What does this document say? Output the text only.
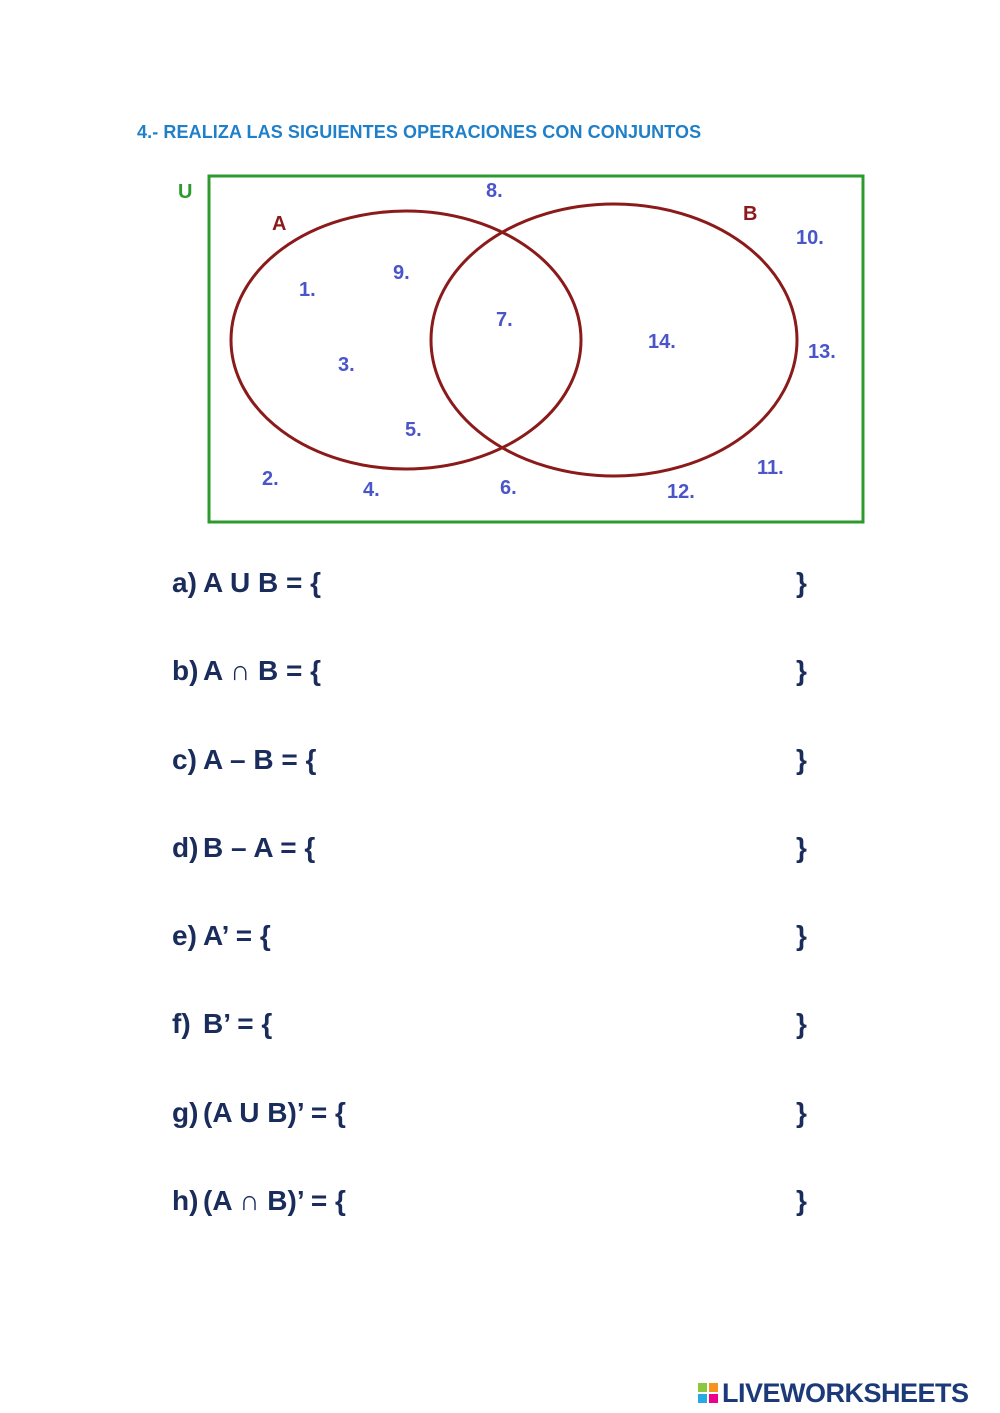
4.- REALIZA LAS SIGUIENTES OPERACIONES CON CONJUNTOS
U
A	B
1.
2.
3.
4.
5.
6.
7.
8.
9.
10.
11.
12.
13.
14.
a) A U B = {	}
b) A ∩ B = {	}
c) A – B = {	}
d) B – A = {	}
e) A’ = {	}
f) B’ = {	}
g) (A U B)’ = {	}
h) (A ∩ B)’ = {	}
LIVEWORKSHEETS
